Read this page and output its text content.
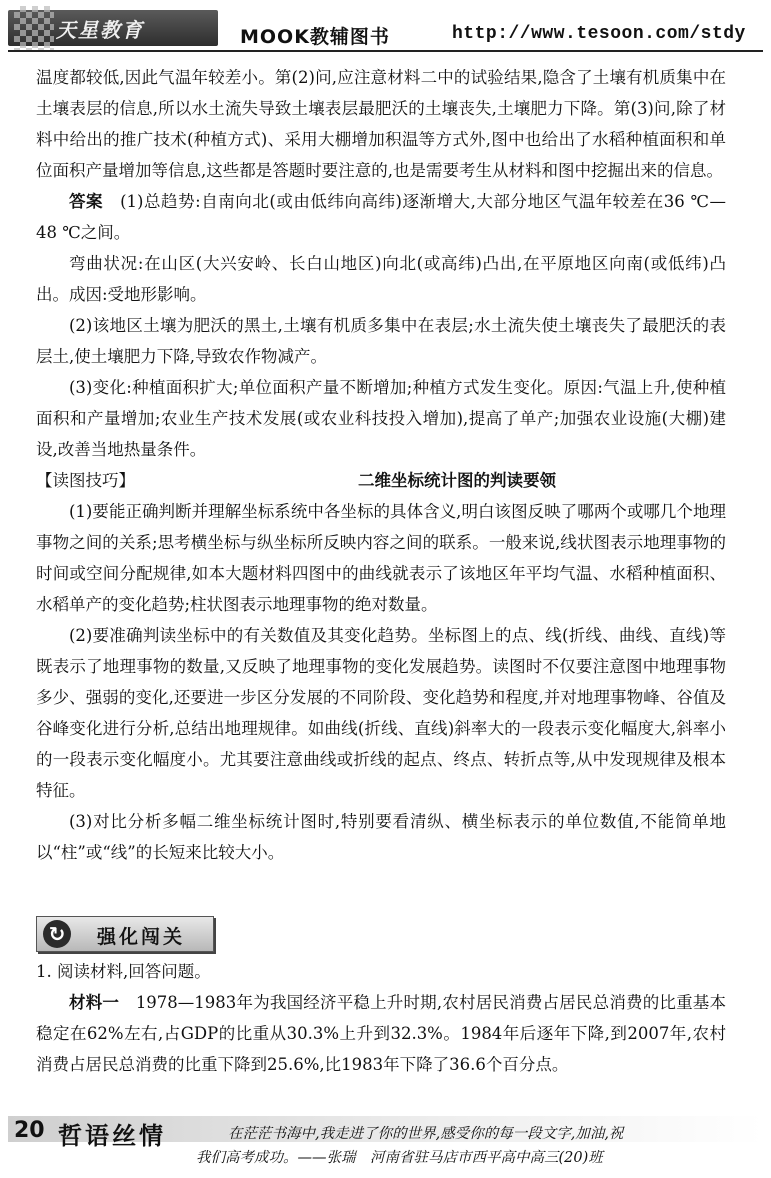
天星教育	MOOK教辅图书	http://www.tesoon.com/stdy

温度都较低,因此气温年较差小。第(2)问,应注意材料二中的试验结果,隐含了土壤有机质集中在土壤表层的信息,所以水土流失导致土壤表层最肥沃的土壤丧失,土壤肥力下降。第(3)问,除了材料中给出的推广技术(种植方式)、采用大棚增加积温等方式外,图中也给出了水稻种植面积和单位面积产量增加等信息,这些都是答题时要注意的,也是需要考生从材料和图中挖掘出来的信息。

答案　 (1)总趋势:自南向北(或由低纬向高纬)逐渐增大,大部分地区气温年较差在36 ℃—48 ℃之间。

弯曲状况:在山区(大兴安岭、长白山地区)向北(或高纬)凸出,在平原地区向南(或低纬)凸出。成因:受地形影响。

(2)该地区土壤为肥沃的黑土,土壤有机质多集中在表层;水土流失使土壤丧失了最肥沃的表层土,使土壤肥力下降,导致农作物减产。

(3)变化:种植面积扩大;单位面积产量不断增加;种植方式发生变化。原因:气温上升,使种植面积和产量增加;农业生产技术发展(或农业科技投入增加),提高了单产;加强农业设施(大棚)建设,改善当地热量条件。

【读图技巧】	二维坐标统计图的判读要领

(1)要能正确判断并理解坐标系统中各坐标的具体含义,明白该图反映了哪两个或哪几个地理事物之间的关系;思考横坐标与纵坐标所反映内容之间的联系。一般来说,线状图表示地理事物的时间或空间分配规律,如本大题材料四图中的曲线就表示了该地区年平均气温、水稻种植面积、水稻单产的变化趋势;柱状图表示地理事物的绝对数量。

(2)要准确判读坐标中的有关数值及其变化趋势。坐标图上的点、线(折线、曲线、直线)等既表示了地理事物的数量,又反映了地理事物的变化发展趋势。读图时不仅要注意图中地理事物多少、强弱的变化,还要进一步区分发展的不同阶段、变化趋势和程度,并对地理事物峰、谷值及谷峰变化进行分析,总结出地理规律。如曲线(折线、直线)斜率大的一段表示变化幅度大,斜率小的一段表示变化幅度小。尤其要注意曲线或折线的起点、终点、转折点等,从中发现规律及根本特征。

(3)对比分析多幅二维坐标统计图时,特别要看清纵、横坐标表示的单位数值,不能简单地以“柱”或“线”的长短来比较大小。

↻ 强化闯关

1. 阅读材料,回答问题。

材料一　 1978—1983年为我国经济平稳上升时期,农村居民消费占居民总消费的比重基本稳定在62%左右,占GDP的比重从30.3%上升到32.3%。1984年后逐年下降,到2007年,农村消费占居民总消费的比重下降到25.6%,比1983年下降了36.6个百分点。

20 哲语丝情	在茫茫书海中,我走进了你的世界,感受你的每一段文字,加油,祝

我们高考成功。——张瑞　河南省驻马店市西平高中高三(20)班
